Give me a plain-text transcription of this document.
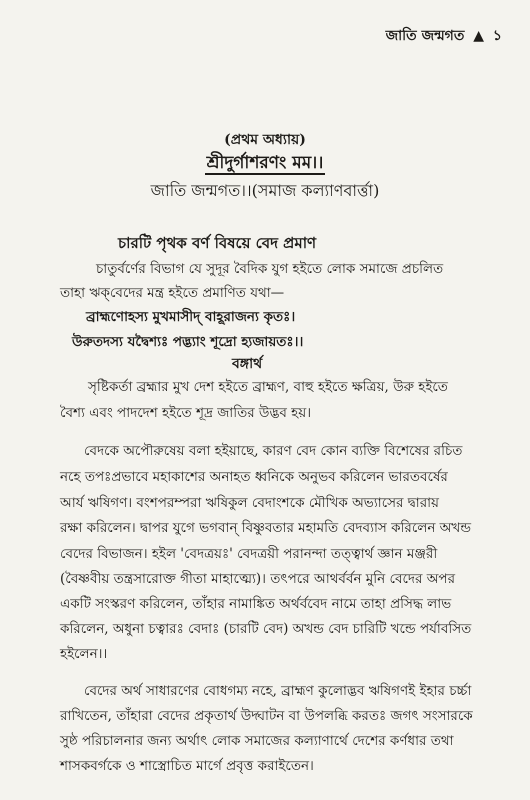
জাতি জন্মগত ▲ ১
(প্রথম অধ্যায়)
শ্রীদুর্গাশরণং মম।।
জাতি জন্মগত।।(সমাজ কল্যাণবার্ত্তা)
চারটি পৃথক বর্ণ বিষয়ে বেদ প্রমাণ
চাতুর্বর্ণের বিভাগ যে সুদূর বৈদিক যুগ হইতে লোক সমাজে প্রচলিত
তাহা ঋক্‌বেদের মন্ত্র হইতে প্রমাণিত যথা—
ব্রাহ্মণোহস্য মুখমাসীদ্ বাহূরাজন্য কৃতঃ।
উরুতদস্য যদ্বৈশ্যঃ পদ্ভ্যাং শূদ্রো হ্যজায়তঃ।।
বঙ্গার্থ
সৃষ্টিকর্তা ব্রহ্মার মুখ দেশ হইতে ব্রাহ্মণ, বাহু হইতে ক্ষত্রিয়, উরু হইতে
বৈশ্য এবং পাদদেশ হইতে শূদ্র জাতির উদ্ভব হয়।
বেদকে অপৌরুষেয় বলা হইয়াছে, কারণ বেদ কোন ব্যক্তি বিশেষের রচিত
নহে তপঃপ্রভাবে মহাকাশের অনাহত ধ্বনিকে অনুভব করিলেন ভারতবর্ষের
আর্য ঋষিগণ। বংশপরম্পরা ঋষিকুল বেদাংশকে মৌখিক অভ্যাসের দ্বারায়
রক্ষা করিলেন। দ্বাপর যুগে ভগবান্‌ বিষ্ণুবতার মহামতি বেদব্যাস করিলেন অখন্ড
বেদের বিভাজন। হইল 'বেদত্রয়ঃ' বেদত্রয়ী পরানন্দা তত্ত্বার্থ জ্ঞান মঞ্জরী
(বৈষ্ণবীয় তন্ত্রসারোক্ত গীতা মাহাত্ম্যে)। তৎপরে আথর্বর্বন মুনি বেদের অপর
একটি সংস্করণ করিলেন, তাঁহার নামাঙ্কিত অর্থর্ববেদ নামে তাহা প্রসিদ্ধ লাভ
করিলেন, অধুনা চত্বারঃ বেদাঃ (চারটি বেদ) অখন্ড বেদ চারিটি খন্ডে পর্যাবসিত
হইলেন।।
বেদের অর্থ সাধারণের বোধগম্য নহে, ব্রাহ্মণ কুলোদ্ভব ঋষিগণই ইহার চর্চ্চা
রাখিতেন, তাঁহারা বেদের প্রকৃতার্থ উদ্ঘাটন বা উপলব্ধি করতঃ জগৎ সংসারকে
সুষ্ঠ পরিচালনার জন্য অর্থাৎ লোক সমাজের কল্যাণার্থে দেশের কর্ণধার তথা
শাসকবর্গকে ও শাস্ত্রোচিত মার্গে প্রবৃত্ত করাইতেন।
